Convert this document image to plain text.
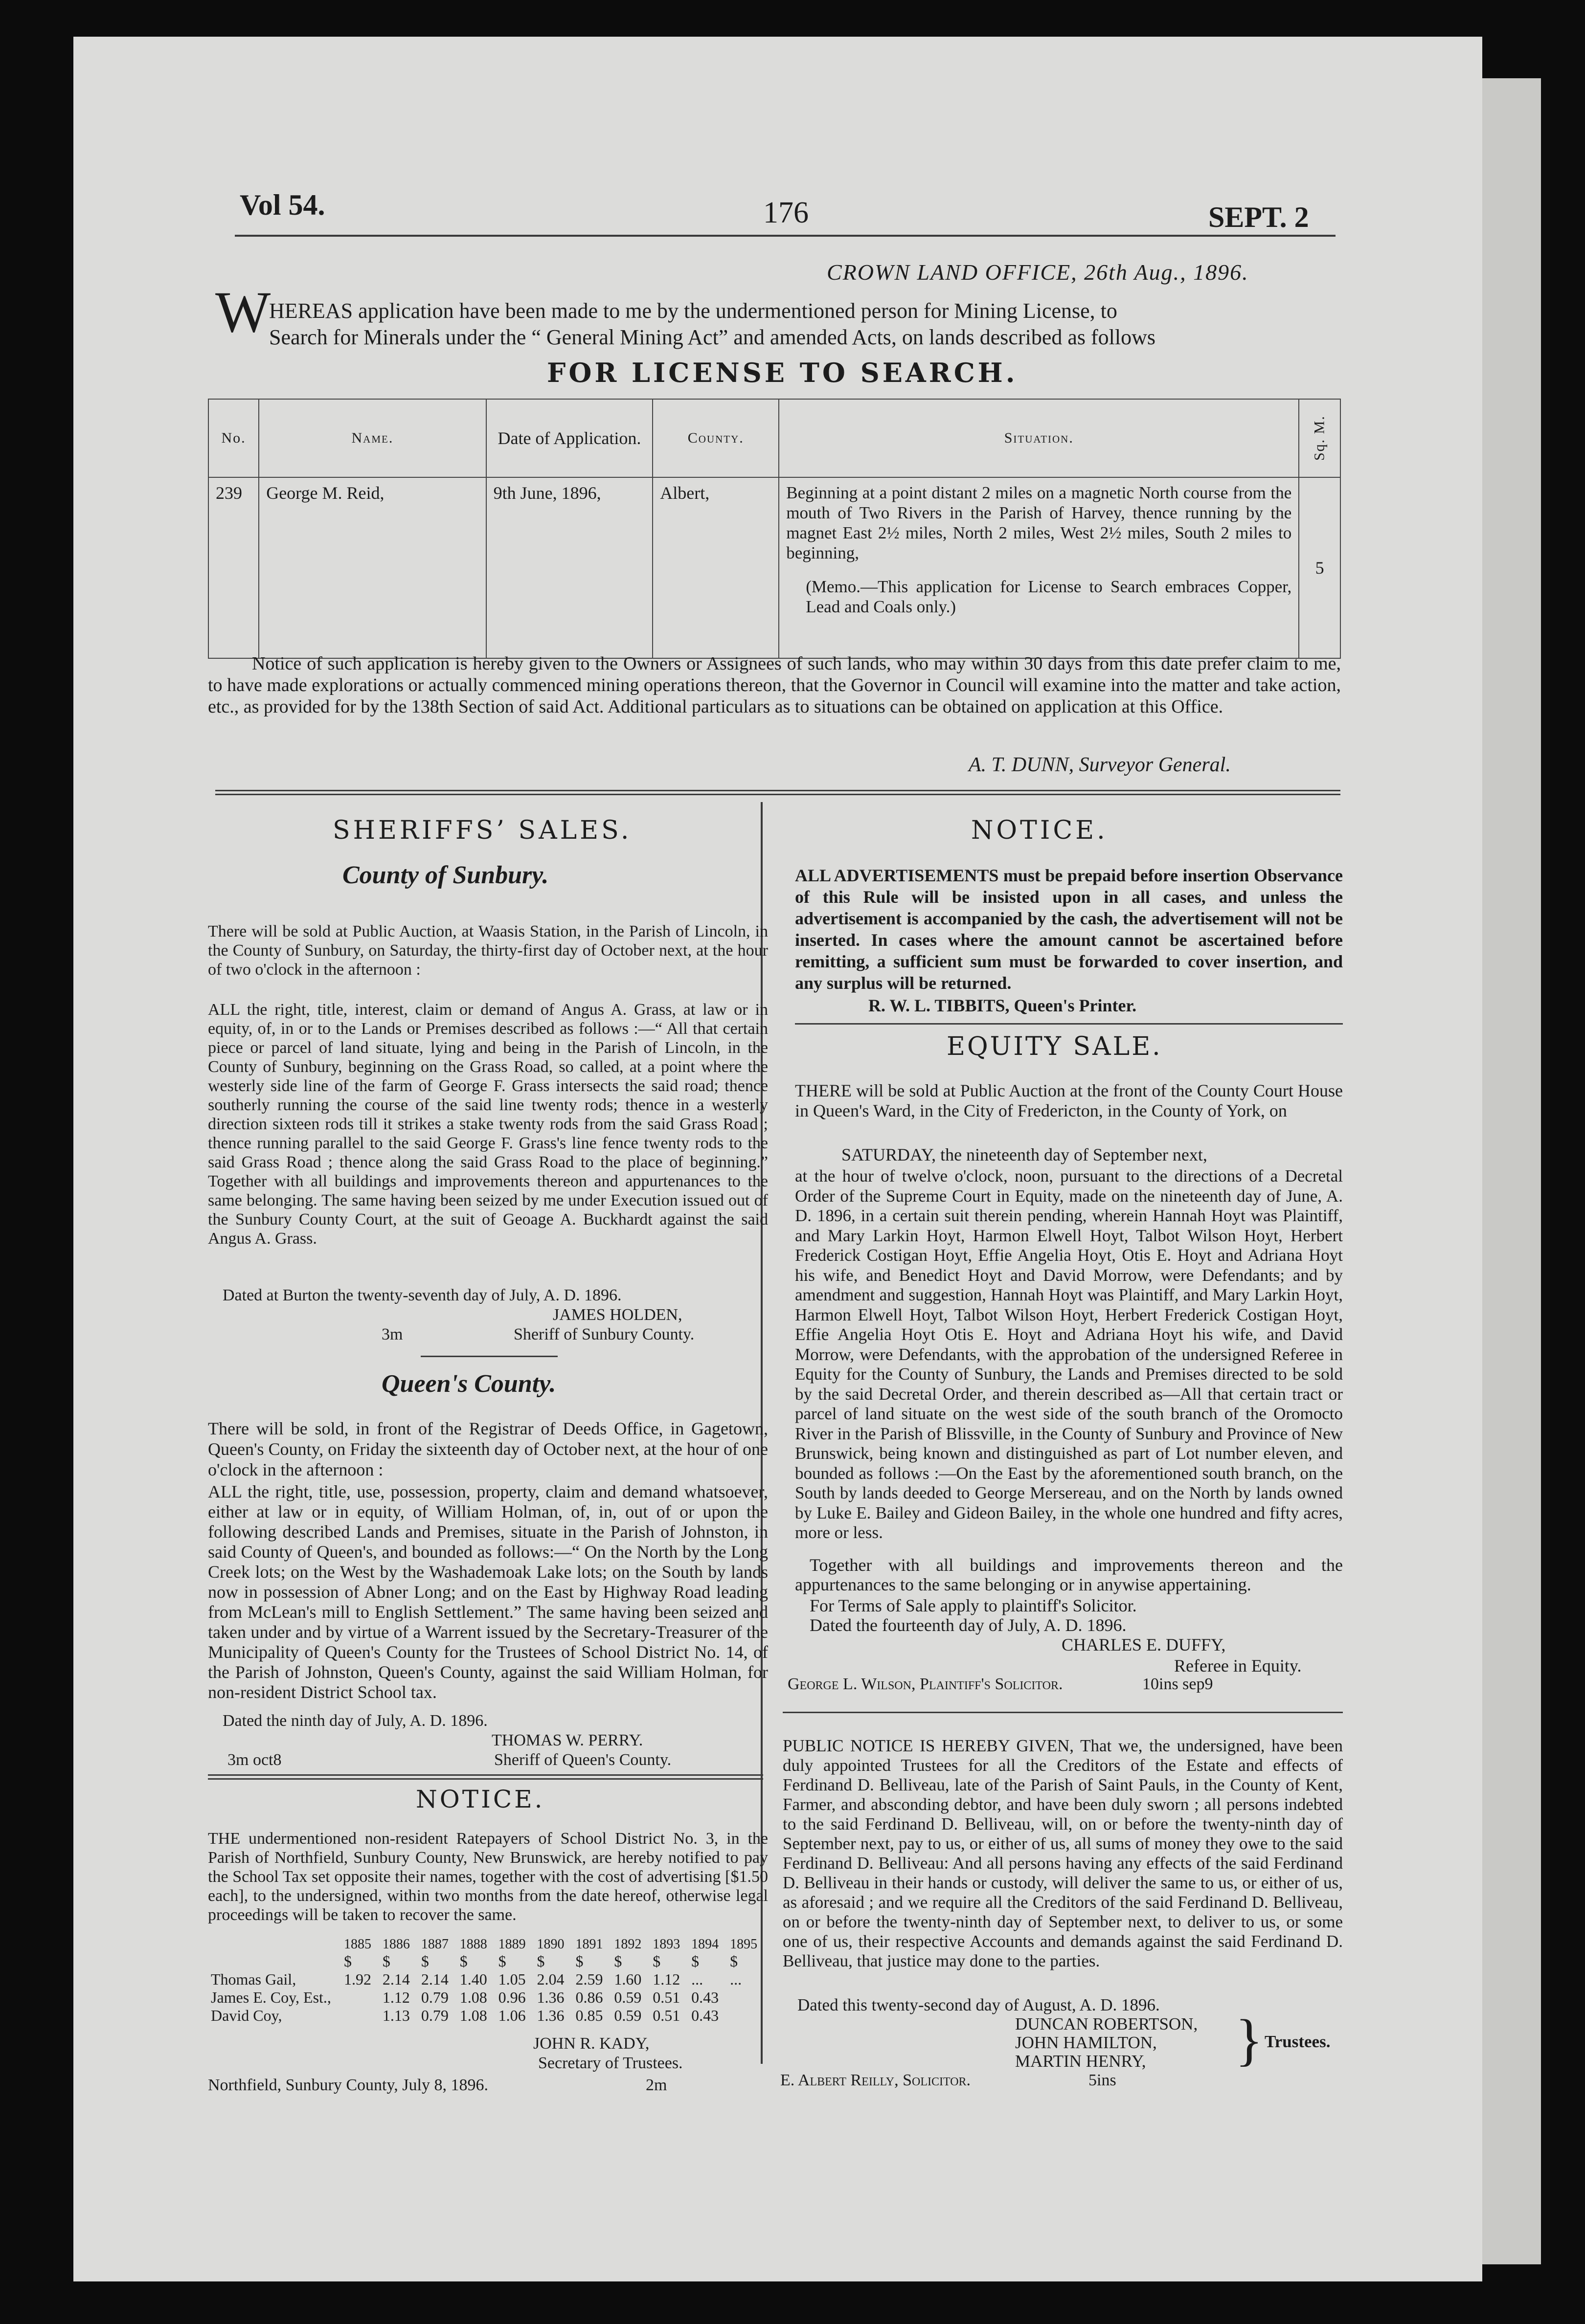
Vol 54.	176	SEPT. 2
CROWN LAND OFFICE, 26th Aug., 1896.
W
HEREAS application have been made to me by the undermentioned person for Mining License, to
Search for Minerals under the “ General Mining Act” and amended Acts, on lands described as follows
FOR LICENSE TO SEARCH.
No.	Name.	Date of Application.	County.	Situation.	Sq. M.
239	George M. Reid,	9th June, 1896,	Albert,	Beginning at a point distant 2 miles on a magnetic North course from the mouth of Two Rivers in the Parish of Harvey, thence running by the magnet East 2½ miles, North 2 miles, West 2½ miles, South 2 miles to beginning,
(Memo.—This application for License to Search embraces Copper, Lead and Coals only.)	5
Notice of such application is hereby given to the Owners or Assignees of such lands, who may within 30 days from this date prefer claim to me, to have made explorations or actually commenced mining operations thereon, that the Governor in Council will examine into the matter and take action, etc., as provided for by the 138th Section of said Act. Additional particulars as to situations can be obtained on application at this Office.
A. T. DUNN, Surveyor General.
SHERIFFS’ SALES.
County of Sunbury.
There will be sold at Public Auction, at Waasis Station, in the Parish of Lincoln, in the County of Sunbury, on Saturday, the thirty-first day of October next, at the hour of two o'clock in the afternoon :
ALL the right, title, interest, claim or demand of Angus A. Grass, at law or in equity, of, in or to the Lands or Premises described as follows :—“ All that certain piece or parcel of land situate, lying and being in the Parish of Lincoln, in the County of Sunbury, beginning on the Grass Road, so called, at a point where the westerly side line of the farm of George F. Grass intersects the said road; thence southerly running the course of the said line twenty rods; thence in a westerly direction sixteen rods till it strikes a stake twenty rods from the said Grass Road ; thence running parallel to the said George F. Grass's line fence twenty rods to the said Grass Road ; thence along the said Grass Road to the place of beginning.” Together with all buildings and improvements thereon and appurtenances to the same belonging. The same having been seized by me under Execution issued out of the Sunbury County Court, at the suit of Geoage A. Buckhardt against the said Angus A. Grass.
Dated at Burton the twenty-seventh day of July, A. D. 1896.
JAMES HOLDEN,
3m	Sheriff of Sunbury County.
Queen's County.
There will be sold, in front of the Registrar of Deeds Office, in Gagetown, Queen's County, on Friday the sixteenth day of October next, at the hour of one o'clock in the afternoon :
ALL the right, title, use, possession, property, claim and demand whatsoever, either at law or in equity, of William Holman, of, in, out of or upon the following described Lands and Premises, situate in the Parish of Johnston, in said County of Queen's, and bounded as follows:—“ On the North by the Long Creek lots; on the West by the Washademoak Lake lots; on the South by lands now in possession of Abner Long; and on the East by Highway Road leading from McLean's mill to English Settlement.” The same having been seized and taken under and by virtue of a Warrent issued by the Secretary-Treasurer of the Municipality of Queen's County for the Trustees of School District No. 14, of the Parish of Johnston, Queen's County, against the said William Holman, for non-resident District School tax.
Dated the ninth day of July, A. D. 1896.
THOMAS W. PERRY.
3m oct8	Sheriff of Queen's County.
NOTICE.
THE undermentioned non-resident Ratepayers of School District No. 3, in the Parish of Northfield, Sunbury County, New Brunswick, are hereby notified to pay the School Tax set opposite their names, together with the cost of advertising [$1.50 each], to the undersigned, within two months from the date hereof, otherwise legal proceedings will be taken to recover the same.
	1885	1886	1887	1888	1889	1890	1891	1892	1893	1894	1895
	$	$	$	$	$	$	$	$	$	$	$
Thomas Gail,	1.92	2.14	2.14	1.40	1.05	2.04	2.59	1.60	1.12	...	...
James E. Coy, Est.,		1.12	0.79	1.08	0.96	1.36	0.86	0.59	0.51	0.43	
David Coy,		1.13	0.79	1.08	1.06	1.36	0.85	0.59	0.51	0.43	
JOHN R. KADY,
Secretary of Trustees.
Northfield, Sunbury County, July 8, 1896.	2m
NOTICE.
ALL ADVERTISEMENTS must be prepaid before insertion Observance of this Rule will be insisted upon in all cases, and unless the advertisement is accompanied by the cash, the advertisement will not be inserted. In cases where the amount cannot be ascertained before remitting, a sufficient sum must be forwarded to cover insertion, and any surplus will be returned.
R. W. L. TIBBITS, Queen's Printer.
EQUITY SALE.
THERE will be sold at Public Auction at the front of the County Court House in Queen's Ward, in the City of Fredericton, in the County of York, on
SATURDAY, the nineteenth day of September next,
at the hour of twelve o'clock, noon, pursuant to the directions of a Decretal Order of the Supreme Court in Equity, made on the nineteenth day of June, A. D. 1896, in a certain suit therein pending, wherein Hannah Hoyt was Plaintiff, and Mary Larkin Hoyt, Harmon Elwell Hoyt, Talbot Wilson Hoyt, Herbert Frederick Costigan Hoyt, Effie Angelia Hoyt, Otis E. Hoyt and Adriana Hoyt his wife, and Benedict Hoyt and David Morrow, were Defendants; and by amendment and suggestion, Hannah Hoyt was Plaintiff, and Mary Larkin Hoyt, Harmon Elwell Hoyt, Talbot Wilson Hoyt, Herbert Frederick Costigan Hoyt, Effie Angelia Hoyt Otis E. Hoyt and Adriana Hoyt his wife, and David Morrow, were Defendants, with the approbation of the undersigned Referee in Equity for the County of Sunbury, the Lands and Premises directed to be sold by the said Decretal Order, and therein described as—All that certain tract or parcel of land situate on the west side of the south branch of the Oromocto River in the Parish of Blissville, in the County of Sunbury and Province of New Brunswick, being known and distinguished as part of Lot number eleven, and bounded as follows :—On the East by the aforementioned south branch, on the South by lands deeded to George Mersereau, and on the North by lands owned by Luke E. Bailey and Gideon Bailey, in the whole one hundred and fifty acres, more or less.
Together with all buildings and improvements thereon and the appurtenances to the same belonging or in anywise appertaining.
For Terms of Sale apply to plaintiff's Solicitor.
Dated the fourteenth day of July, A. D. 1896.
CHARLES E. DUFFY,
Referee in Equity.
George L. Wilson, Plaintiff's Solicitor.	10ins sep9
PUBLIC NOTICE IS HEREBY GIVEN, That we, the undersigned, have been duly appointed Trustees for all the Creditors of the Estate and effects of Ferdinand D. Belliveau, late of the Parish of Saint Pauls, in the County of Kent, Farmer, and absconding debtor, and have been duly sworn ; all persons indebted to the said Ferdinand D. Belliveau, will, on or before the twenty-ninth day of September next, pay to us, or either of us, all sums of money they owe to the said Ferdinand D. Belliveau: And all persons having any effects of the said Ferdinand D. Belliveau in their hands or custody, will deliver the same to us, or either of us, as aforesaid ; and we require all the Creditors of the said Ferdinand D. Belliveau, on or before the twenty-ninth day of September next, to deliver to us, or some one of us, their respective Accounts and demands against the said Ferdinand D. Belliveau, that justice may done to the parties.
Dated this twenty-second day of August, A. D. 1896.
DUNCAN ROBERTSON,
JOHN HAMILTON,
MARTIN HENRY,	} Trustees.
E. Albert Reilly, Solicitor.	5ins
